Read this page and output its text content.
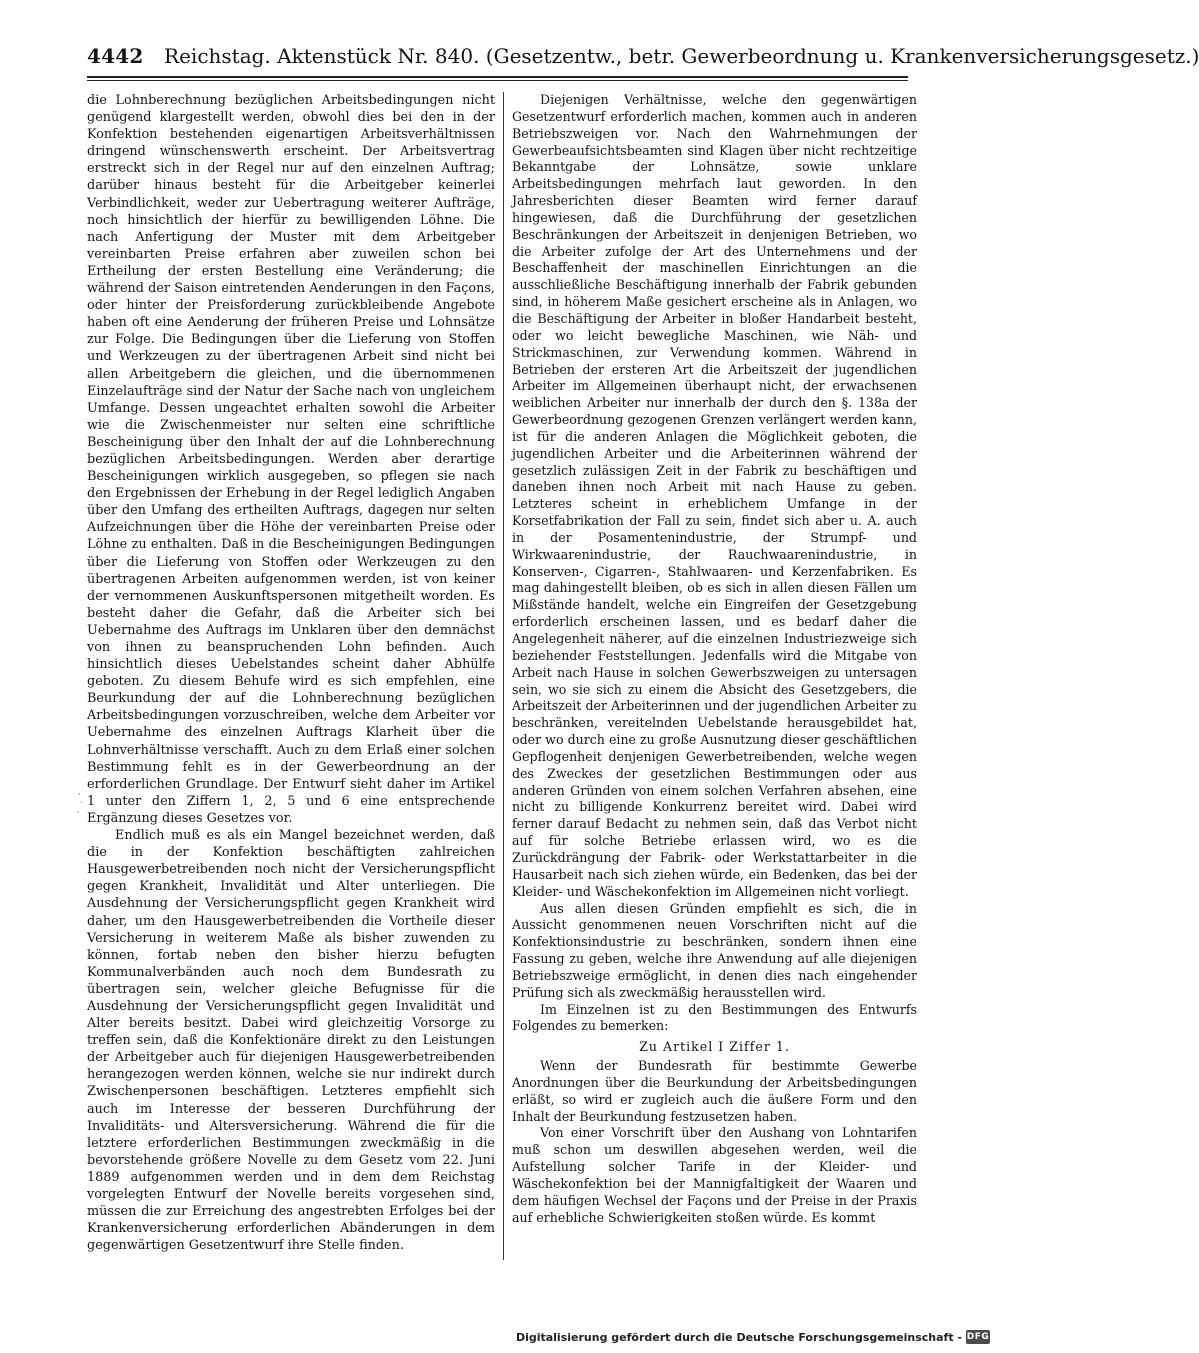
4442 Reichstag. Aktenstück Nr. 840. (Gesetzentw., betr. Gewerbeordnung u. Krankenversicherungsgesetz.)

die Lohnberechnung bezüglichen Arbeitsbedingungen nicht genügend klargestellt werden, obwohl dies bei den in der Konfektion bestehenden eigenartigen Arbeitsverhältnissen dringend wünschenswerth erscheint. Der Arbeitsvertrag erstreckt sich in der Regel nur auf den einzelnen Auftrag; darüber hinaus besteht für die Arbeitgeber keinerlei Verbindlichkeit, weder zur Uebertragung weiterer Aufträge, noch hinsichtlich der hierfür zu bewilligenden Löhne. Die nach Anfertigung der Muster mit dem Arbeitgeber vereinbarten Preise erfahren aber zuweilen schon bei Ertheilung der ersten Bestellung eine Veränderung; die während der Saison eintretenden Aenderungen in den Façons, oder hinter der Preisforderung zurückbleibende Angebote haben oft eine Aenderung der früheren Preise und Lohnsätze zur Folge. Die Bedingungen über die Lieferung von Stoffen und Werkzeugen zu der übertragenen Arbeit sind nicht bei allen Arbeitgebern die gleichen, und die übernommenen Einzelaufträge sind der Natur der Sache nach von ungleichem Umfange. Dessen ungeachtet erhalten sowohl die Arbeiter wie die Zwischenmeister nur selten eine schriftliche Bescheinigung über den Inhalt der auf die Lohnberechnung bezüglichen Arbeitsbedingungen. Werden aber derartige Bescheinigungen wirklich ausgegeben, so pflegen sie nach den Ergebnissen der Erhebung in der Regel lediglich Angaben über den Umfang des ertheilten Auftrags, dagegen nur selten Aufzeichnungen über die Höhe der vereinbarten Preise oder Löhne zu enthalten. Daß in die Bescheinigungen Bedingungen über die Lieferung von Stoffen oder Werkzeugen zu den übertragenen Arbeiten aufgenommen werden, ist von keiner der vernommenen Auskunftspersonen mitgetheilt worden. Es besteht daher die Gefahr, daß die Arbeiter sich bei Uebernahme des Auftrags im Unklaren über den demnächst von ihnen zu beanspruchenden Lohn befinden. Auch hinsichtlich dieses Uebelstandes scheint daher Abhülfe geboten. Zu diesem Behufe wird es sich empfehlen, eine Beurkundung der auf die Lohnberechnung bezüglichen Arbeitsbedingungen vorzuschreiben, welche dem Arbeiter vor Uebernahme des einzelnen Auftrags Klarheit über die Lohnverhältnisse verschafft. Auch zu dem Erlaß einer solchen Bestimmung fehlt es in der Gewerbeordnung an der erforderlichen Grundlage. Der Entwurf sieht daher im Artikel 1 unter den Ziffern 1, 2, 5 und 6 eine entsprechende Ergänzung dieses Gesetzes vor.

Endlich muß es als ein Mangel bezeichnet werden, daß die in der Konfektion beschäftigten zahlreichen Hausgewerbetreibenden noch nicht der Versicherungspflicht gegen Krankheit, Invalidität und Alter unterliegen. Die Ausdehnung der Versicherungspflicht gegen Krankheit wird daher, um den Hausgewerbetreibenden die Vortheile dieser Versicherung in weiterem Maße als bisher zuwenden zu können, fortab neben den bisher hierzu befugten Kommunalverbänden auch noch dem Bundesrath zu übertragen sein, welcher gleiche Befugnisse für die Ausdehnung der Versicherungspflicht gegen Invalidität und Alter bereits besitzt. Dabei wird gleichzeitig Vorsorge zu treffen sein, daß die Konfektionäre direkt zu den Leistungen der Arbeitgeber auch für diejenigen Hausgewerbetreibenden herangezogen werden können, welche sie nur indirekt durch Zwischenpersonen beschäftigen. Letzteres empfiehlt sich auch im Interesse der besseren Durchführung der Invaliditäts- und Altersversicherung. Während die für die letztere erforderlichen Bestimmungen zweckmäßig in die bevorstehende größere Novelle zu dem Gesetz vom 22. Juni 1889 aufgenommen werden und in dem dem Reichstag vorgelegten Entwurf der Novelle bereits vorgesehen sind, müssen die zur Erreichung des angestrebten Erfolges bei der Krankenversicherung erforderlichen Abänderungen in dem gegenwärtigen Gesetzentwurf ihre Stelle finden.

Diejenigen Verhältnisse, welche den gegenwärtigen Gesetzentwurf erforderlich machen, kommen auch in anderen Betriebszweigen vor. Nach den Wahrnehmungen der Gewerbeaufsichtsbeamten sind Klagen über nicht rechtzeitige Bekanntgabe der Lohnsätze, sowie unklare Arbeitsbedingungen mehrfach laut geworden. In den Jahresberichten dieser Beamten wird ferner darauf hingewiesen, daß die Durchführung der gesetzlichen Beschränkungen der Arbeitszeit in denjenigen Betrieben, wo die Arbeiter zufolge der Art des Unternehmens und der Beschaffenheit der maschinellen Einrichtungen an die ausschließliche Beschäftigung innerhalb der Fabrik gebunden sind, in höherem Maße gesichert erscheine als in Anlagen, wo die Beschäftigung der Arbeiter in bloßer Handarbeit besteht, oder wo leicht bewegliche Maschinen, wie Näh- und Strickmaschinen, zur Verwendung kommen. Während in Betrieben der ersteren Art die Arbeitszeit der jugendlichen Arbeiter im Allgemeinen überhaupt nicht, der erwachsenen weiblichen Arbeiter nur innerhalb der durch den §. 138a der Gewerbeordnung gezogenen Grenzen verlängert werden kann, ist für die anderen Anlagen die Möglichkeit geboten, die jugendlichen Arbeiter und die Arbeiterinnen während der gesetzlich zulässigen Zeit in der Fabrik zu beschäftigen und daneben ihnen noch Arbeit mit nach Hause zu geben. Letzteres scheint in erheblichem Umfange in der Korsetfabrikation der Fall zu sein, findet sich aber u. A. auch in der Posamentenindustrie, der Strumpf- und Wirkwaarenindustrie, der Rauchwaarenindustrie, in Konserven-, Cigarren-, Stahlwaaren- und Kerzenfabriken. Es mag dahingestellt bleiben, ob es sich in allen diesen Fällen um Mißstände handelt, welche ein Eingreifen der Gesetzgebung erforderlich erscheinen lassen, und es bedarf daher die Angelegenheit näherer, auf die einzelnen Industriezweige sich beziehender Feststellungen. Jedenfalls wird die Mitgabe von Arbeit nach Hause in solchen Gewerbszweigen zu untersagen sein, wo sie sich zu einem die Absicht des Gesetzgebers, die Arbeitszeit der Arbeiterinnen und der jugendlichen Arbeiter zu beschränken, vereitelnden Uebelstande herausgebildet hat, oder wo durch eine zu große Ausnutzung dieser geschäftlichen Gepflogenheit denjenigen Gewerbetreibenden, welche wegen des Zweckes der gesetzlichen Bestimmungen oder aus anderen Gründen von einem solchen Verfahren absehen, eine nicht zu billigende Konkurrenz bereitet wird. Dabei wird ferner darauf Bedacht zu nehmen sein, daß das Verbot nicht auf für solche Betriebe erlassen wird, wo es die Zurückdrängung der Fabrik- oder Werkstattarbeiter in die Hausarbeit nach sich ziehen würde, ein Bedenken, das bei der Kleider- und Wäschekonfektion im Allgemeinen nicht vorliegt.

Aus allen diesen Gründen empfiehlt es sich, die in Aussicht genommenen neuen Vorschriften nicht auf die Konfektionsindustrie zu beschränken, sondern ihnen eine Fassung zu geben, welche ihre Anwendung auf alle diejenigen Betriebszweige ermöglicht, in denen dies nach eingehender Prüfung sich als zweckmäßig herausstellen wird.

Im Einzelnen ist zu den Bestimmungen des Entwurfs Folgendes zu bemerken:

Zu Artikel I Ziffer 1.

Wenn der Bundesrath für bestimmte Gewerbe Anordnungen über die Beurkundung der Arbeitsbedingungen erläßt, so wird er zugleich auch die äußere Form und den Inhalt der Beurkundung festzusetzen haben.

Von einer Vorschrift über den Aushang von Lohntarifen muß schon um deswillen abgesehen werden, weil die Aufstellung solcher Tarife in der Kleider- und Wäschekonfektion bei der Mannigfaltigkeit der Waaren und dem häufigen Wechsel der Façons und der Preise in der Praxis auf erhebliche Schwierigkeiten stoßen würde. Es kommt

Digitalisierung gefördert durch die Deutsche Forschungsgemeinschaft - DFG
